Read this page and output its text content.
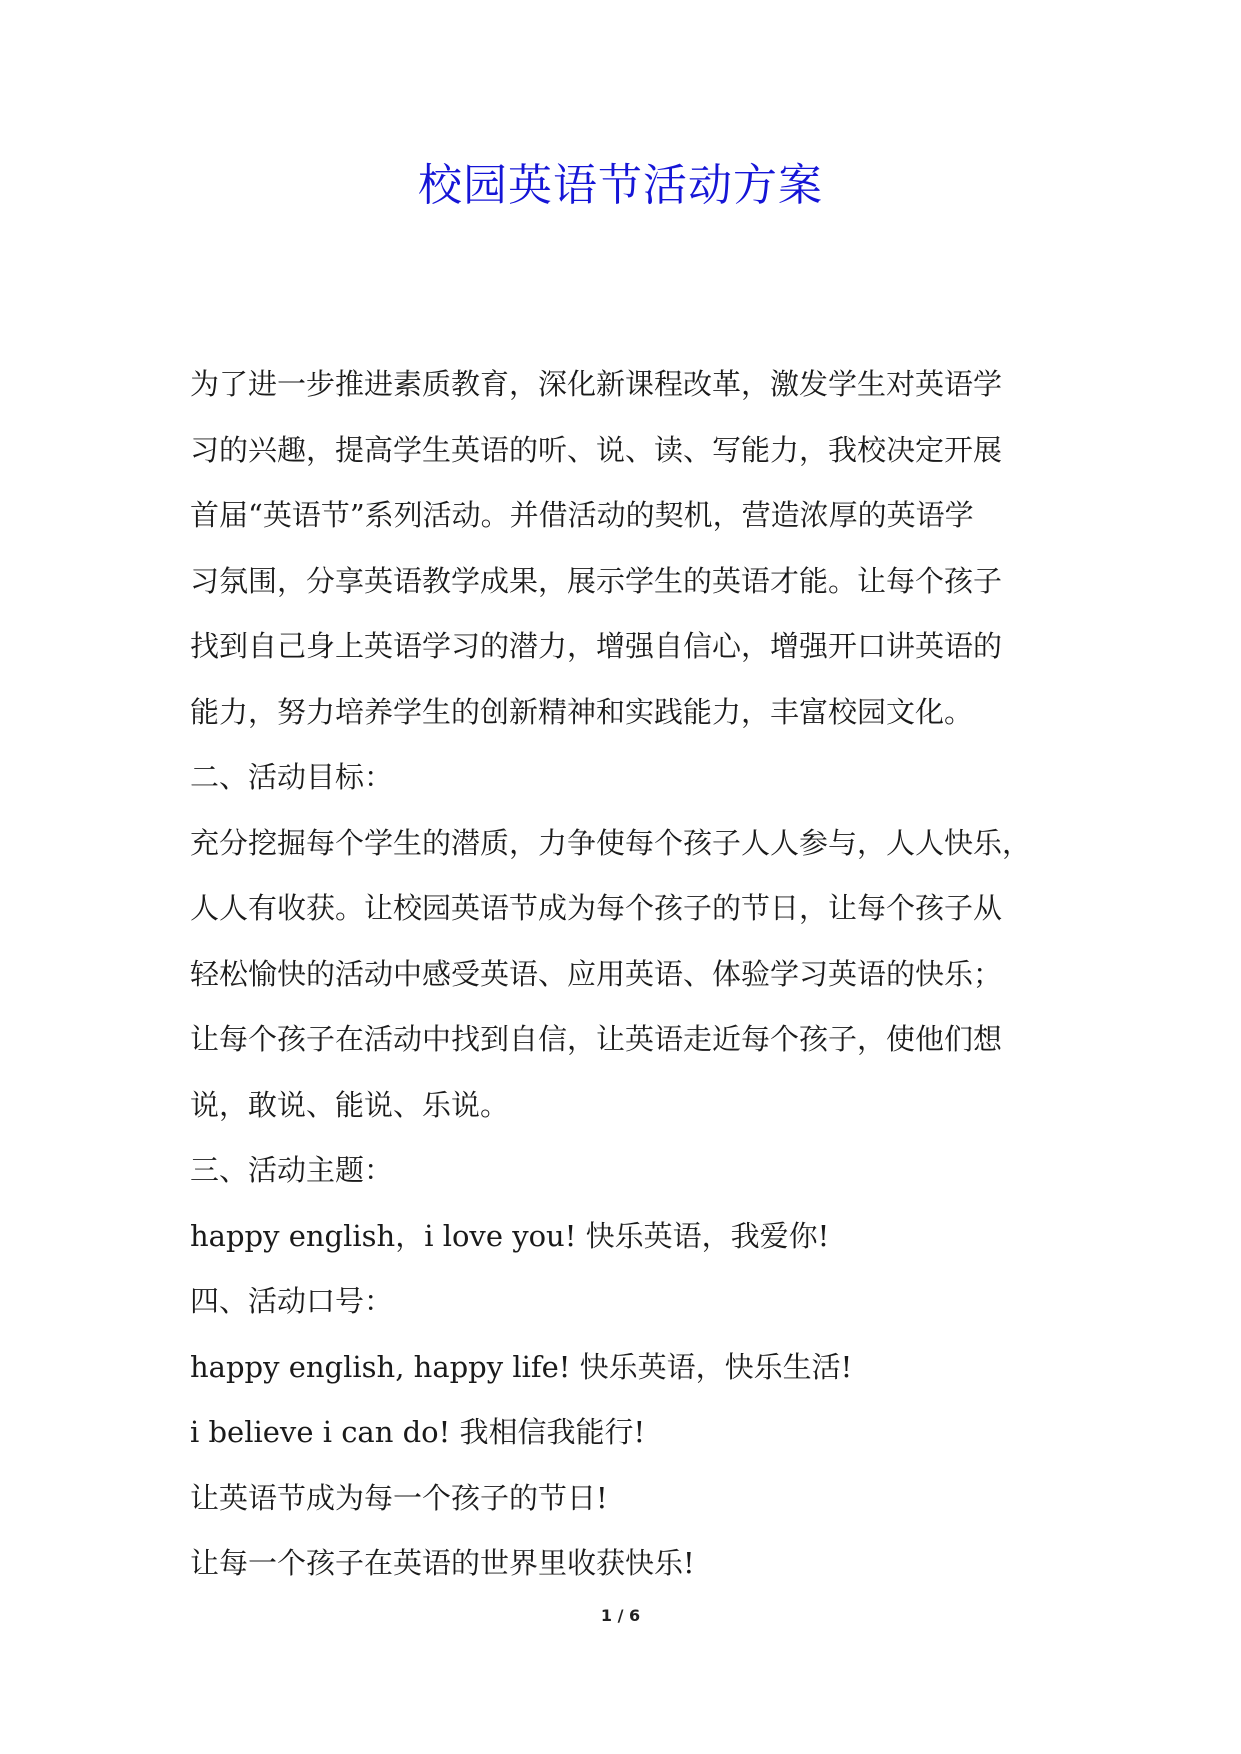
校园英语节活动方案

为了进一步推进素质教育，深化新课程改革，激发学生对英语学

习的兴趣，提高学生英语的听、说、读、写能力，我校决定开展

首届“英语节”系列活动。并借活动的契机，营造浓厚的英语学

习氛围，分享英语教学成果，展示学生的英语才能。让每个孩子

找到自己身上英语学习的潜力，增强自信心，增强开口讲英语的

能力，努力培养学生的创新精神和实践能力，丰富校园文化。

二、活动目标：

充分挖掘每个学生的潜质，力争使每个孩子人人参与，人人快乐，

人人有收获。让校园英语节成为每个孩子的节日，让每个孩子从

轻松愉快的活动中感受英语、应用英语、体验学习英语的快乐；

让每个孩子在活动中找到自信，让英语走近每个孩子，使他们想

说，敢说、能说、乐说。

三、活动主题：

happy english，i love you! 快乐英语，我爱你!

四、活动口号：

happy english, happy life! 快乐英语，快乐生活!

i believe i can do! 我相信我能行!

让英语节成为每一个孩子的节日!

让每一个孩子在英语的世界里收获快乐!

1 / 6
